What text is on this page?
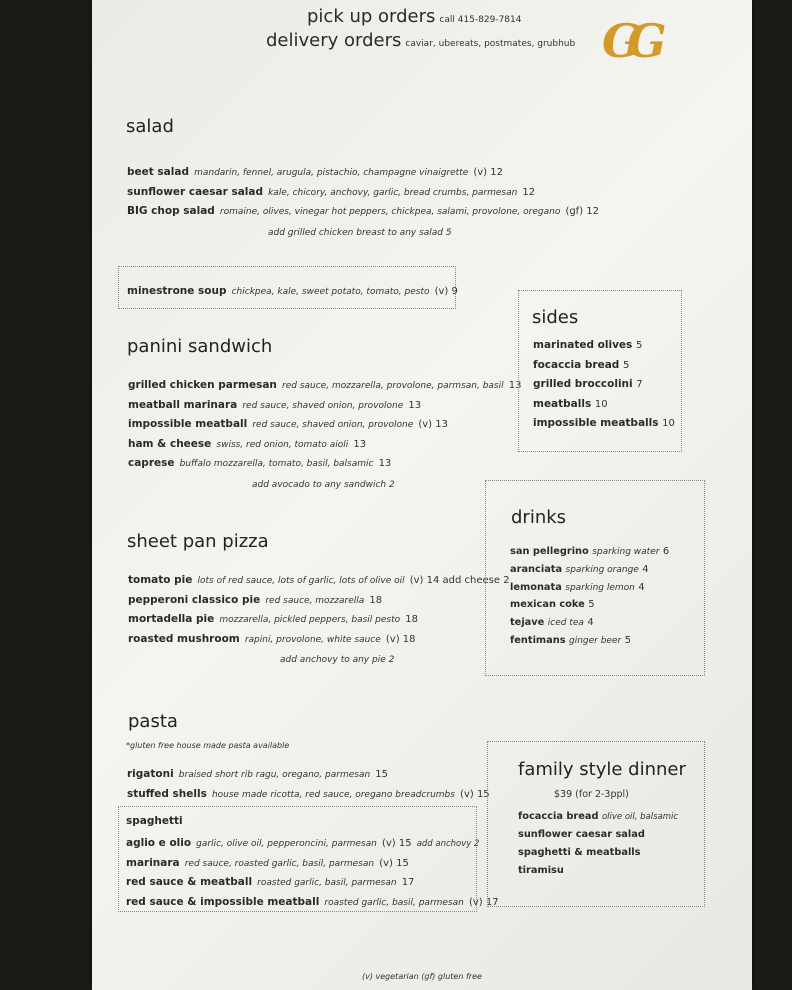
pick up orders call 415-829-7814
delivery orders caviar, ubereats, postmates, grubhub GG
salad
beet salad mandarin, fennel, arugula, pistachio, champagne vinaigrette (v) 12
sunflower caesar salad kale, chicory, anchovy, garlic, bread crumbs, parmesan 12
BIG chop salad romaine, olives, vinegar hot peppers, chickpea, salami, provolone, oregano (gf) 12
add grilled chicken breast to any salad 5
minestrone soup chickpea, kale, sweet potato, tomato, pesto (v) 9
panini sandwich
grilled chicken parmesan red sauce, mozzarella, provolone, parmsan, basil 13
meatball marinara red sauce, shaved onion, provolone 13
impossible meatball red sauce, shaved onion, provolone (v) 13
ham & cheese swiss, red onion, tomato aioli 13
caprese buffalo mozzarella, tomato, basil, balsamic 13
add avocado to any sandwich 2
sides
marinated olives 5
focaccia bread 5
grilled broccolini 7
meatballs 10
impossible meatballs 10
sheet pan pizza
tomato pie lots of red sauce, lots of garlic, lots of olive oil (v) 14 add cheese 2
pepperoni classico pie red sauce, mozzarella 18
mortadella pie mozzarella, pickled peppers, basil pesto 18
roasted mushroom rapini, provolone, white sauce (v) 18
add anchovy to any pie 2
drinks
san pellegrino sparking water 6
aranciata sparking orange 4
lemonata sparking lemon 4
mexican coke 5
tejave iced tea 4
fentimans ginger beer 5
pasta
*gluten free house made pasta available
rigatoni braised short rib ragu, oregano, parmesan 15
stuffed shells house made ricotta, red sauce, oregano breadcrumbs (v) 15
spaghetti
aglio e olio garlic, olive oil, pepperoncini, parmesan (v) 15 add anchovy 2
marinara red sauce, roasted garlic, basil, parmesan (v) 15
red sauce & meatball roasted garlic, basil, parmesan 17
red sauce & impossible meatball roasted garlic, basil, parmesan (v) 17
family style dinner
$39 (for 2-3ppl)
focaccia bread olive oil, balsamic
sunflower caesar salad
spaghetti & meatballs
tiramisu
(v) vegetarian (gf) gluten free
